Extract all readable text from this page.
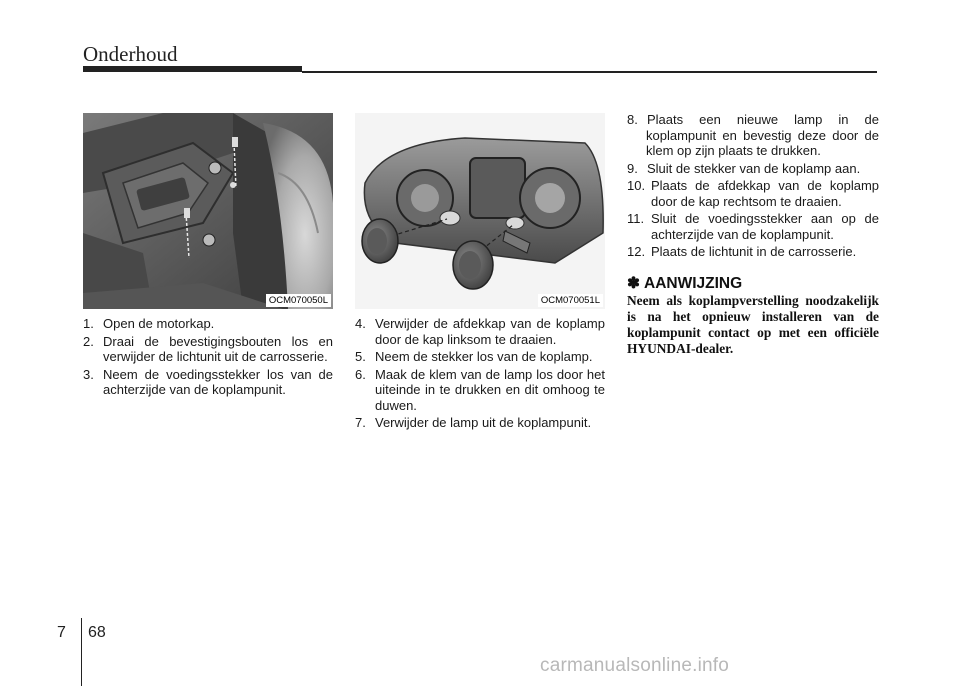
Onderhoud
OCM070050L	OCM070051L
1. Open de motorkap.
2. Draai de bevestigingsbouten los en verwijder de lichtunit uit de carrosserie.
3. Neem de voedingsstekker los van de achterzijde van de koplampunit.
4. Verwijder de afdekkap van de koplamp door de kap linksom te draaien.
5. Neem de stekker los van de koplamp.
6. Maak de klem van de lamp los door het uiteinde in te drukken en dit omhoog te duwen.
7. Verwijder de lamp uit de koplampunit.
8. Plaats een nieuwe lamp in de koplampunit en bevestig deze door de klem op zijn plaats te drukken.
9. Sluit de stekker van de koplamp aan.
10. Plaats de afdekkap van de koplamp door de kap rechtsom te draaien.
11. Sluit de voedingsstekker aan op de achterzijde van de koplampunit.
12. Plaats de lichtunit in de carrosserie.
✽ AANWIJZING
Neem als koplampverstelling noodzakelijk is na het opnieuw installeren van de koplampunit contact op met een officiële HYUNDAI-dealer.
7 68
carmanualsonline.info
